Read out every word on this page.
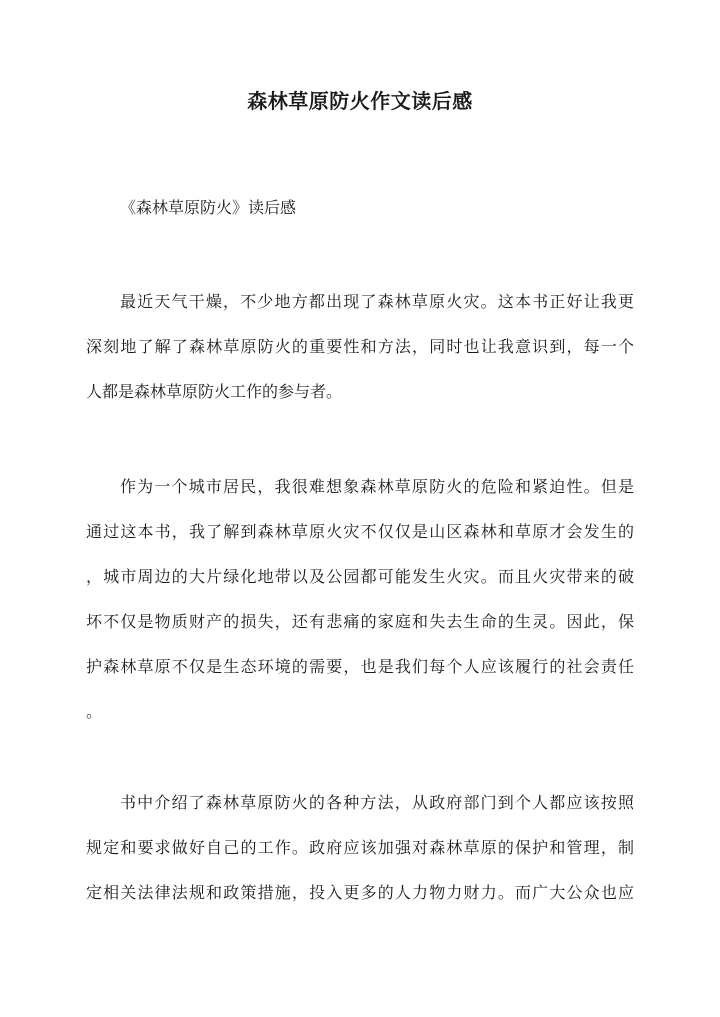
森林草原防火作文读后感

《森林草原防火》读后感

最近天气干燥，不少地方都出现了森林草原火灾。这本书正好让我更
深刻地了解了森林草原防火的重要性和方法，同时也让我意识到，每一个
人都是森林草原防火工作的参与者。
作为一个城市居民，我很难想象森林草原防火的危险和紧迫性。但是
通过这本书，我了解到森林草原火灾不仅仅是山区森林和草原才会发生的
，城市周边的大片绿化地带以及公园都可能发生火灾。而且火灾带来的破
坏不仅是物质财产的损失，还有悲痛的家庭和失去生命的生灵。因此，保
护森林草原不仅是生态环境的需要，也是我们每个人应该履行的社会责任
。
书中介绍了森林草原防火的各种方法，从政府部门到个人都应该按照
规定和要求做好自己的工作。政府应该加强对森林草原的保护和管理，制
定相关法律法规和政策措施，投入更多的人力物力财力。而广大公众也应
